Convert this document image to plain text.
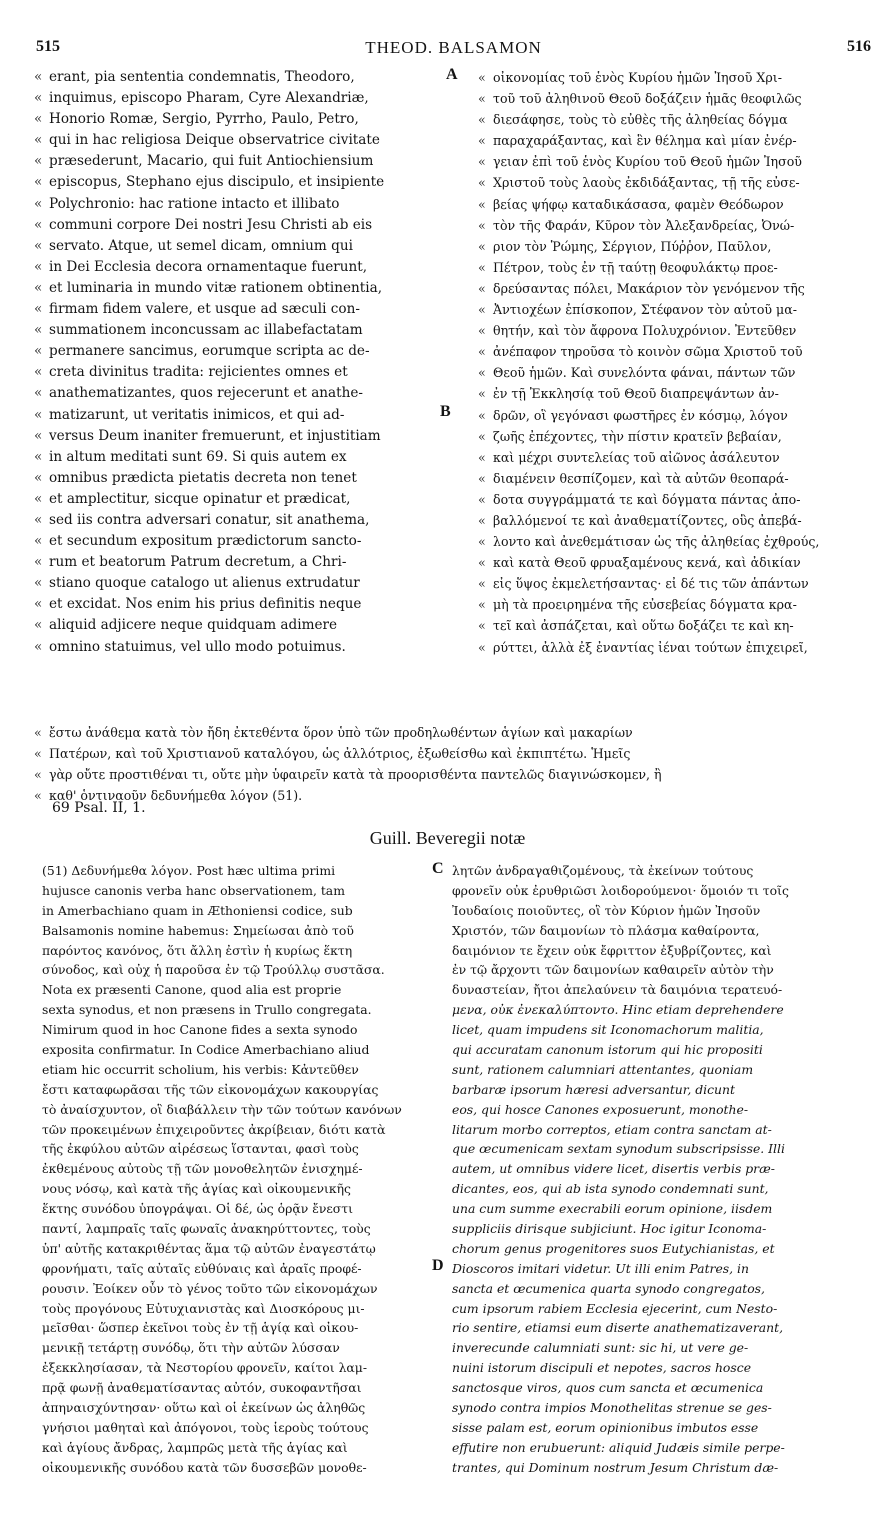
515	THEOD. BALSAMON	516
« erant, pia sententia condemnatis, Theodoro,
« inquimus, episcopo Pharam, Cyre Alexandriæ,
« Honorio Romæ, Sergio, Pyrrho, Paulo, Petro,
« qui in hac religiosa Deique observatrice civitate
« præsederunt, Macario, qui fuit Antiochiensium
« episcopus, Stephano ejus discipulo, et insipiente
« Polychronio: hac ratione intacto et illibato
« communi corpore Dei nostri Jesu Christi ab eis
« servato. Atque, ut semel dicam, omnium qui
« in Dei Ecclesia decora ornamentaque fuerunt,
« et luminaria in mundo vitæ rationem obtinentia,
« firmam fidem valere, et usque ad sæculi con-
« summationem inconcussam ac illabefactatam
« permanere sancimus, eorumque scripta ac de-
« creta divinitus tradita: rejicientes omnes et
« anathematizantes, quos rejecerunt et anathe-
« matizarunt, ut veritatis inimicos, et qui ad-
« versus Deum inaniter fremuerunt, et injustitiam
« in altum meditati sunt 69. Si quis autem ex
« omnibus prædicta pietatis decreta non tenet
« et amplectitur, sicque opinatur et prædicat,
« sed iis contra adversari conatur, sit anathema,
« et secundum expositum prædictorum sancto-
« rum et beatorum Patrum decretum, a Chri-
« stiano quoque catalogo ut alienus extrudatur
« et excidat. Nos enim his prius definitis neque
« aliquid adjicere neque quidquam adimere
« omnino statuimus, vel ullo modo potuimus.
« οἰκονομίας τοῦ ἑνὸς Κυρίου ἡμῶν Ἰησοῦ Χρι-
« τοῦ τοῦ ἀληθινοῦ Θεοῦ δοξάζειν ἡμᾶς θεοφιλῶς
« διεσάφησε, τοὺς τὸ εὐθὲς τῆς ἀληθείας δόγμα
« παραχαράξαντας, καὶ ἓν θέλημα καὶ μίαν ἐνέρ-
« γειαν ἐπὶ τοῦ ἑνὸς Κυρίου τοῦ Θεοῦ ἡμῶν Ἰησοῦ
« Χριστοῦ τοὺς λαοὺς ἐκδιδάξαντας, τῇ τῆς εὐσε-
« βείας ψήφῳ καταδικάσασα, φαμὲν Θεόδωρον
« τὸν τῆς Φαράν, Κῦρον τὸν Ἀλεξανδρείας, Ὀνώ-
« ριον τὸν Ῥώμης, Σέργιον, Πύῤῥον, Παῦλον,
« Πέτρον, τοὺς ἐν τῇ ταύτῃ θεοφυλάκτῳ προε-
« δρεύσαντας πόλει, Μακάριον τὸν γενόμενον τῆς
« Ἀντιοχέων ἐπίσκοπον, Στέφανον τὸν αὐτοῦ μα-
« θητήν, καὶ τὸν ἄφρονα Πολυχρόνιον. Ἐντεῦθεν
« ἀνέπαφον τηροῦσα τὸ κοινὸν σῶμα Χριστοῦ τοῦ
« Θεοῦ ἡμῶν. Καὶ συνελόντα φάναι, πάντων τῶν
« ἐν τῇ Ἐκκλησίᾳ τοῦ Θεοῦ διαπρεψάντων ἀν-
« δρῶν, οἳ γεγόνασι φωστῆρες ἐν κόσμῳ, λόγον
« ζωῆς ἐπέχοντες, τὴν πίστιν κρατεῖν βεβαίαν,
« καὶ μέχρι συντελείας τοῦ αἰῶνος ἀσάλευτον
« διαμένειν θεσπίζομεν, καὶ τὰ αὐτῶν θεοπαρά-
« δοτα συγγράμματά τε καὶ δόγματα πάντας ἀπο-
« βαλλόμενοί τε καὶ ἀναθεματίζοντες, οὓς ἀπεβά-
« λοντο καὶ ἀνεθεμάτισαν ὡς τῆς ἀληθείας ἐχθρούς,
« καὶ κατὰ Θεοῦ φρυαξαμένους κενά, καὶ ἀδικίαν
« εἰς ὕψος ἐκμελετήσαντας· εἰ δέ τις τῶν ἁπάντων
« μὴ τὰ προειρημένα τῆς εὐσεβείας δόγματα κρα-
« τεῖ καὶ ἀσπάζεται, καὶ οὕτω δοξάζει τε καὶ κη-
« ρύττει, ἀλλὰ ἐξ ἐναντίας ἰέναι τούτων ἐπιχειρεῖ,
A
B
« ἔστω ἀνάθεμα κατὰ τὸν ἤδη ἐκτεθέντα ὅρον ὑπὸ τῶν προδηλωθέντων ἁγίων καὶ μακαρίων
« Πατέρων, καὶ τοῦ Χριστιανοῦ καταλόγου, ὡς ἀλλότριος, ἐξωθείσθω καὶ ἐκπιπτέτω. Ἡμεῖς
« γὰρ οὔτε προστιθέναι τι, οὔτε μὴν ὑφαιρεῖν κατὰ τὰ προορισθέντα παντελῶς διαγινώσκομεν, ἢ
« καθ' ὁντιναοῦν δεδυνήμεθα λόγον (51).
69 Psal. II, 1.
Guill. Beveregii notæ
(51) Δεδυνήμεθα λόγον. Post hæc ultima primi
hujusce canonis verba hanc observationem, tam
in Amerbachiano quam in Æthoniensi codice, sub
Balsamonis nomine habemus: Σημείωσαι ἀπὸ τοῦ
παρόντος κανόνος, ὅτι ἄλλη ἐστὶν ἡ κυρίως ἕκτη
σύνοδος, καὶ οὐχ ἡ παροῦσα ἐν τῷ Τρούλλῳ συστᾶσα.
Nota ex præsenti Canone, quod alia est proprie
sexta synodus, et non præsens in Trullo congregata.
Nimirum quod in hoc Canone fides a sexta synodo
exposita confirmatur. In Codice Amerbachiano aliud
etiam hic occurrit scholium, his verbis: Κἀντεῦθεν
ἔστι καταφωρᾶσαι τῆς τῶν εἰκονομάχων κακουργίας
τὸ ἀναίσχυντον, οἳ διαβάλλειν τὴν τῶν τούτων κανόνων
τῶν προκειμένων ἐπιχειροῦντες ἀκρίβειαν, διότι κατὰ
τῆς ἐκφύλου αὐτῶν αἱρέσεως ἵστανται, φασὶ τοὺς
ἐκθεμένους αὐτοὺς τῇ τῶν μονοθελητῶν ἐνισχημέ-
νους νόσῳ, καὶ κατὰ τῆς ἁγίας καὶ οἰκουμενικῆς
ἕκτης συνόδου ὑπογράψαι. Οἱ δέ, ὡς ὁρᾷν ἔνεστι
παντί, λαμπραῖς ταῖς φωναῖς ἀνακηρύττοντες, τοὺς
ὑπ' αὐτῆς κατακριθέντας ἅμα τῷ αὐτῶν ἐναγεστάτῳ
φρονήματι, ταῖς αὐταῖς εὐθύναις καὶ ἀραῖς προφέ-
ρουσιν. Ἐοίκεν οὖν τὸ γένος τοῦτο τῶν εἰκονομάχων
τοὺς προγόνους Εὐτυχιανιστὰς καὶ Διοσκόρους μι-
μεῖσθαι· ὥσπερ ἐκεῖνοι τοὺς ἐν τῇ ἁγίᾳ καὶ οἰκου-
μενικῇ τετάρτῃ συνόδῳ, ὅτι τὴν αὐτῶν λύσσαν
ἐξεκκλησίασαν, τὰ Νεστορίου φρονεῖν, καίτοι λαμ-
πρᾷ φωνῇ ἀναθεματίσαντας αὐτόν, συκοφαντῆσαι
ἀπηναισχύντησαν· οὕτω καὶ οἱ ἐκείνων ὡς ἀληθῶς
γνήσιοι μαθηταὶ καὶ ἀπόγονοι, τοὺς ἱεροὺς τούτους
καὶ ἁγίους ἄνδρας, λαμπρῶς μετὰ τῆς ἁγίας καὶ
οἰκουμενικῆς συνόδου κατὰ τῶν δυσσεβῶν μονοθε-
λητῶν ἀνδραγαθιζομένους, τὰ ἐκείνων τούτους
φρονεῖν οὐκ ἐρυθριῶσι λοιδορούμενοι· ὅμοιόν τι τοῖς
Ἰουδαίοις ποιοῦντες, οἳ τὸν Κύριον ἡμῶν Ἰησοῦν
Χριστόν, τῶν δαιμονίων τὸ πλάσμα καθαίροντα,
δαιμόνιον τε ἔχειν οὐκ ἔφριττον ἐξυβρίζοντες, καὶ
ἐν τῷ ἄρχοντι τῶν δαιμονίων καθαιρεῖν αὐτὸν τὴν
δυναστείαν, ἤτοι ἀπελαύνειν τὰ δαιμόνια τερατευό-
μενα, οὐκ ἐνεκαλύπτοντο. Hinc etiam deprehendere
licet, quam impudens sit Iconomachorum malitia,
qui accuratam canonum istorum qui hic propositi
sunt, rationem calumniari attentantes, quoniam
barbaræ ipsorum hæresi adversantur, dicunt
eos, qui hosce Canones exposuerunt, monothe-
litarum morbo correptos, etiam contra sanctam at-
que œcumenicam sextam synodum subscripsisse. Illi
autem, ut omnibus videre licet, disertis verbis præ-
dicantes, eos, qui ab ista synodo condemnati sunt,
una cum summe execrabili eorum opinione, iisdem
suppliciis dirisque subjiciunt. Hoc igitur Iconoma-
chorum genus progenitores suos Eutychianistas, et
Dioscoros imitari videtur. Ut illi enim Patres, in
sancta et œcumenica quarta synodo congregatos,
cum ipsorum rabiem Ecclesia ejecerint, cum Nesto-
rio sentire, etiamsi eum diserte anathematizaverant,
inverecunde calumniati sunt: sic hi, ut vere ge-
nuini istorum discipuli et nepotes, sacros hosce
sanctosque viros, quos cum sancta et œcumenica
synodo contra impios Monothelitas strenue se ges-
sisse palam est, eorum opinionibus imbutos esse
effutire non erubuerunt: aliquid Judæis simile perpe-
trantes, qui Dominum nostrum Jesum Christum dæ-
C
D
